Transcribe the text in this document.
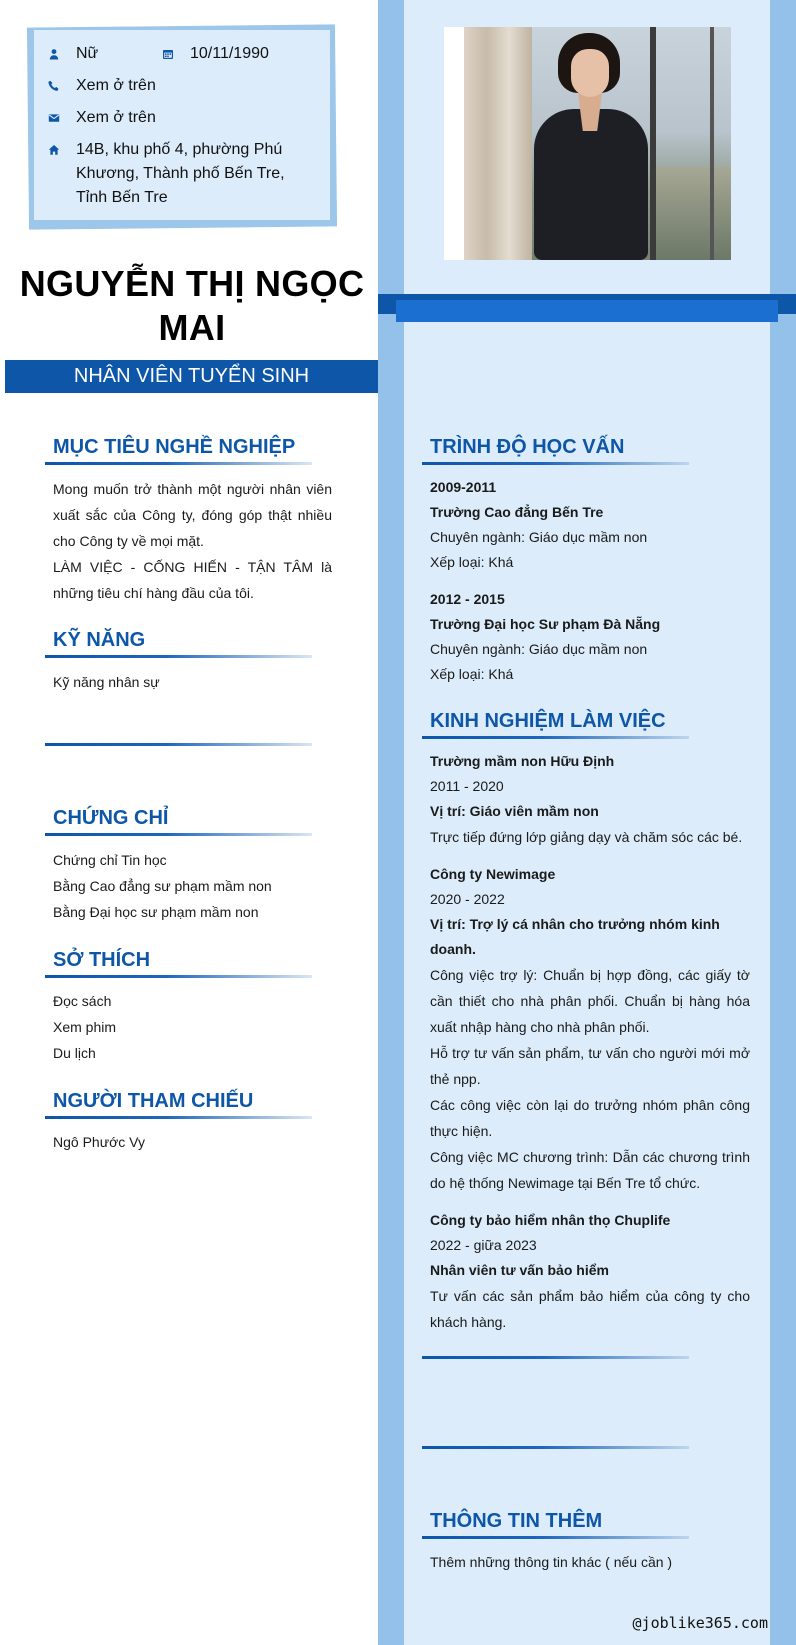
Nữ	10/11/1990
Xem ở trên
Xem ở trên
14B, khu phố 4, phường Phú Khương, Thành phố Bến Tre, Tỉnh Bến Tre
NGUYỄN THỊ NGỌC MAI
NHÂN VIÊN TUYỂN SINH
MỤC TIÊU NGHỀ NGHIỆP
Mong muốn trở thành một người nhân viên xuất sắc của Công ty, đóng góp thật nhiều cho Công ty về mọi mặt.
LÀM VIỆC - CỐNG HIẾN - TẬN TÂM là những tiêu chí hàng đầu của tôi.
KỸ NĂNG
Kỹ năng nhân sự
CHỨNG CHỈ
Chứng chỉ Tin học
Bằng Cao đẳng sư phạm mầm non
Bằng Đại học sư phạm mầm non
SỞ THÍCH
Đọc sách
Xem phim
Du lịch
NGƯỜI THAM CHIẾU
Ngô Phước Vy
TRÌNH ĐỘ HỌC VẤN
2009-2011
Trường Cao đẳng Bến Tre
Chuyên ngành: Giáo dục mầm non
Xếp loại: Khá
2012 - 2015
Trường Đại học Sư phạm Đà Nẵng
Chuyên ngành: Giáo dục mầm non
Xếp loại: Khá
KINH NGHIỆM LÀM VIỆC
Trường mầm non Hữu Định
2011 - 2020
Vị trí: Giáo viên mầm non
Trực tiếp đứng lớp giảng dạy và chăm sóc các bé.
Công ty Newimage
2020 - 2022
Vị trí: Trợ lý cá nhân cho trưởng nhóm kinh doanh.
Công việc trợ lý: Chuẩn bị hợp đồng, các giấy tờ cần thiết cho nhà phân phối. Chuẩn bị hàng hóa xuất nhập hàng cho nhà phân phối.
Hỗ trợ tư vấn sản phẩm, tư vấn cho người mới mở thẻ npp.
Các công việc còn lại do trưởng nhóm phân công thực hiện.
Công việc MC chương trình: Dẫn các chương trình do hệ thống Newimage tại Bến Tre tổ chức.
Công ty bảo hiểm nhân thọ Chuplife
2022 - giữa 2023
Nhân viên tư vấn bảo hiểm
Tư vấn các sản phẩm bảo hiểm của công ty cho khách hàng.
THÔNG TIN THÊM
Thêm những thông tin khác ( nếu cần )
@joblike365.com
